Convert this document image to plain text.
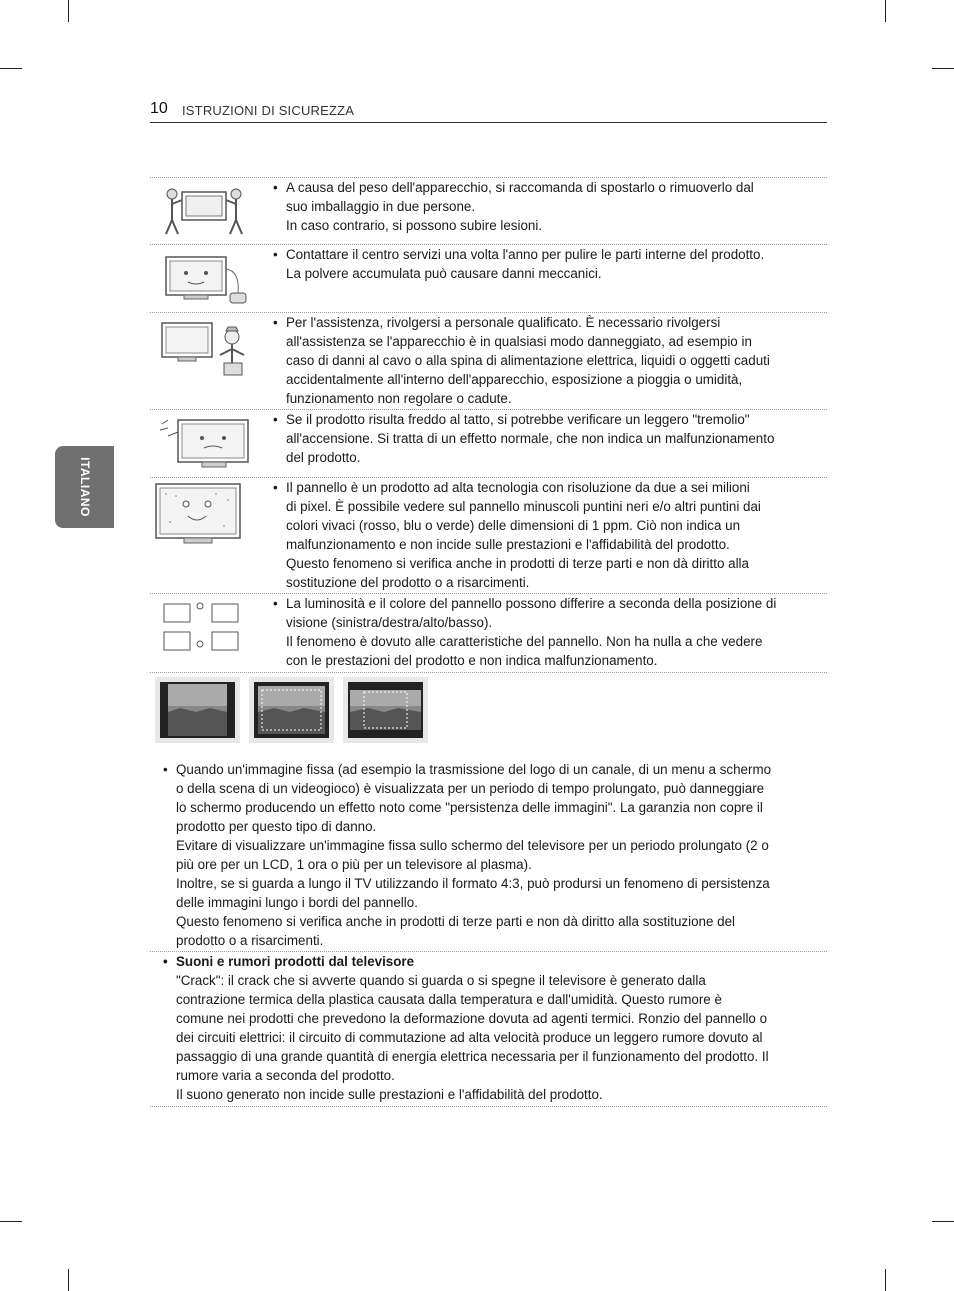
10 ISTRUZIONI DI SICUREZZA
ITALIANO

• A causa del peso dell'apparecchio, si raccomanda di spostarlo o rimuoverlo dal

suo imballaggio in due persone.

In caso contrario, si possono subire lesioni.

• Contattare il centro servizi una volta l'anno per pulire le parti interne del prodotto.

La polvere accumulata può causare danni meccanici.

• Per l'assistenza, rivolgersi a personale qualificato. È necessario rivolgersi

all'assistenza se l'apparecchio è in qualsiasi modo danneggiato, ad esempio in

caso di danni al cavo o alla spina di alimentazione elettrica, liquidi o oggetti caduti

accidentalmente all'interno dell'apparecchio, esposizione a pioggia o umidità,

funzionamento non regolare o cadute.

• Se il prodotto risulta freddo al tatto, si potrebbe verificare un leggero "tremolio"

all'accensione. Si tratta di un effetto normale, che non indica un malfunzionamento

del prodotto.

• Il pannello è un prodotto ad alta tecnologia con risoluzione da due a sei milioni

di pixel. È possibile vedere sul pannello minuscoli puntini neri e/o altri puntini dai

colori vivaci (rosso, blu o verde) delle dimensioni di 1 ppm. Ciò non indica un

malfunzionamento e non incide sulle prestazioni e l'affidabilità del prodotto.

Questo fenomeno si verifica anche in prodotti di terze parti e non dà diritto alla

sostituzione del prodotto o a risarcimenti.

• La luminosità e il colore del pannello possono differire a seconda della posizione di

visione (sinistra/destra/alto/basso).

Il fenomeno è dovuto alle caratteristiche del pannello. Non ha nulla a che vedere

con le prestazioni del prodotto e non indica malfunzionamento.

• Quando un'immagine fissa (ad esempio la trasmissione del logo di un canale, di un menu a schermo

o della scena di un videogioco) è visualizzata per un periodo di tempo prolungato, può danneggiare

lo schermo producendo un effetto noto come "persistenza delle immagini". La garanzia non copre il

prodotto per questo tipo di danno.

Evitare di visualizzare un'immagine fissa sullo schermo del televisore per un periodo prolungato (2 o

più ore per un LCD, 1 ora o più per un televisore al plasma).

Inoltre, se si guarda a lungo il TV utilizzando il formato 4:3, può prodursi un fenomeno di persistenza

delle immagini lungo i bordi del pannello.

Questo fenomeno si verifica anche in prodotti di terze parti e non dà diritto alla sostituzione del

prodotto o a risarcimenti.

• Suoni e rumori prodotti dal televisore

"Crack": il crack che si avverte quando si guarda o si spegne il televisore è generato dalla

contrazione termica della plastica causata dalla temperatura e dall'umidità. Questo rumore è

comune nei prodotti che prevedono la deformazione dovuta ad agenti termici. Ronzio del pannello o

dei circuiti elettrici: il circuito di commutazione ad alta velocità produce un leggero rumore dovuto al

passaggio di una grande quantità di energia elettrica necessaria per il funzionamento del prodotto. Il

rumore varia a seconda del prodotto.

Il suono generato non incide sulle prestazioni e l'affidabilità del prodotto.
